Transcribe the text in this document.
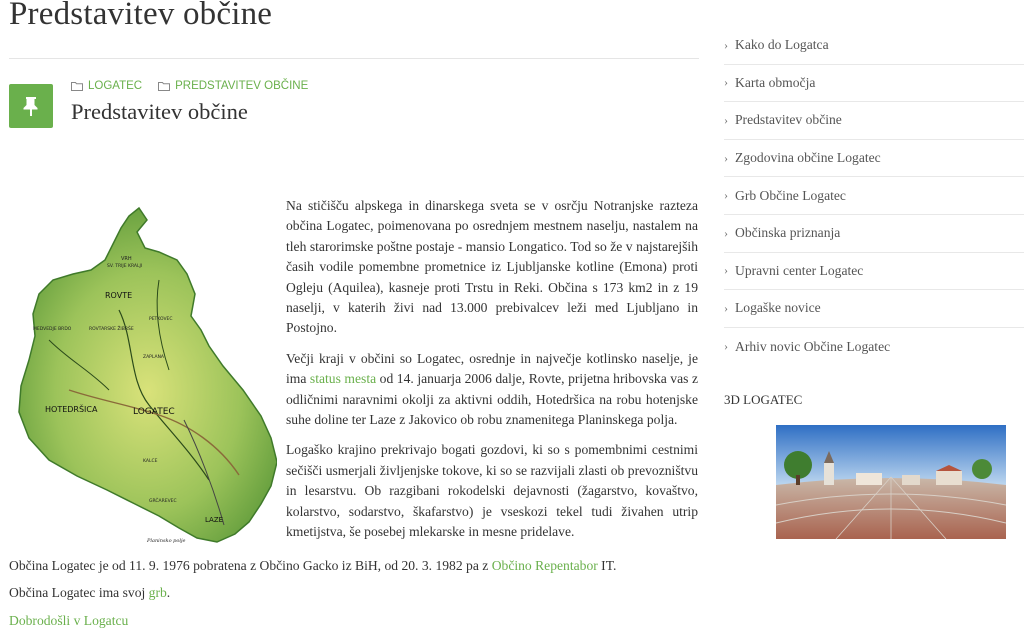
Predstavitev občine
LOGATEC	PREDSTAVITEV OBČINE
Predstavitev občine
VRH
SV. TRIJE KRALJI
ROVTE
MEDVEDJE BRDO	ROVTARSKE ŽIBRŠE
PETKOVEC
ZAPLANA
HOTEDRŠICA	LOGATEC
KALCE
GRČAREVEC
LAZE
Planinsko polje

Na stičišču alpskega in dinarskega sveta se v osrčju Notranjske razteza občina Logatec, poimenovana po osrednjem mestnem naselju, nastalem na tleh starorimske poštne postaje - mansio Longatico. Tod so že v najstarejših časih vodile pomembne prometnice iz Ljubljanske kotline (Emona) proti Ogleju (Aquilea), kasneje proti Trstu in Reki. Občina s 173 km2 in z 19 naselji, v katerih živi nad 13.000 prebivalcev leži med Ljubljano in Postojno.

Večji kraji v občini so Logatec, osrednje in največje kotlinsko naselje, je ima status mesta od 14. januarja 2006 dalje, Rovte, prijetna hribovska vas z odličnimi naravnimi okolji za aktivni oddih, Hotedršica na robu hotenjske suhe doline ter Laze z Jakovico ob robu znamenitega Planinskega polja.

Logaško krajino prekrivajo bogati gozdovi, ki so s pomembnimi cestnimi sečišči usmerjali življenjske tokove, ki so se razvijali zlasti ob prevozništvu in lesarstvu. Ob razgibani rokodelski dejavnosti (žagarstvo, kovaštvo, kolarstvo, sodarstvo, škafarstvo) je vseskozi tekel tudi živahen utrip kmetijstva, še posebej mlekarske in mesne pridelave.

Občina Logatec je od 11. 9. 1976 pobratena z Občino Gacko iz BiH, od 20. 3. 1982 pa z Občino Repentabor IT.
Občina Logatec ima svoj grb.
Dobrodošli v Logatcu
› Kako do Logatca
› Karta območja
› Predstavitev občine
› Zgodovina občine Logatec
› Grb Občine Logatec
› Občinska priznanja
› Upravni center Logatec
› Logaške novice
› Arhiv novic Občine Logatec
3D LOGATEC
